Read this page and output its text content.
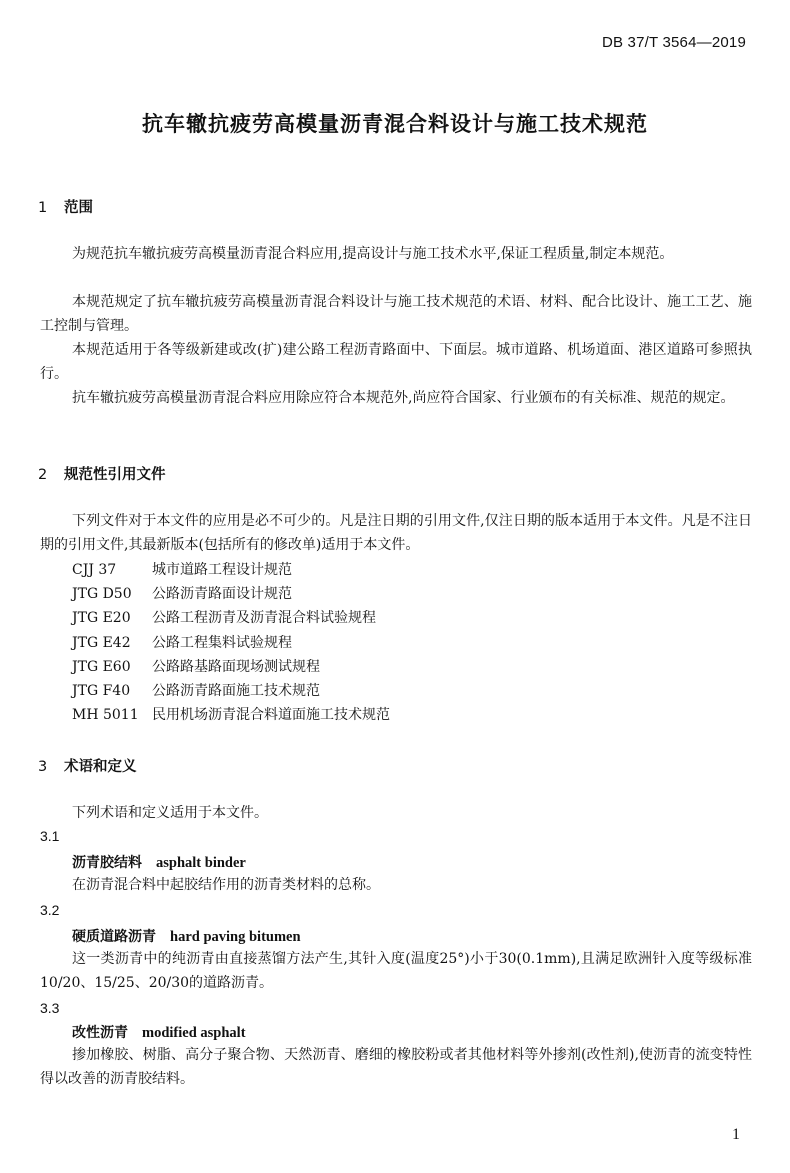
DB 37/T 3564—2019
抗车辙抗疲劳高模量沥青混合料设计与施工技术规范
1 范围
为规范抗车辙抗疲劳高模量沥青混合料应用,提高设计与施工技术水平,保证工程质量,制定本规范。
本规范规定了抗车辙抗疲劳高模量沥青混合料设计与施工技术规范的术语、材料、配合比设计、施工工艺、施工控制与管理。
本规范适用于各等级新建或改(扩)建公路工程沥青路面中、下面层。城市道路、机场道面、港区道路可参照执行。
抗车辙抗疲劳高模量沥青混合料应用除应符合本规范外,尚应符合国家、行业颁布的有关标准、规范的规定。
2 规范性引用文件
下列文件对于本文件的应用是必不可少的。凡是注日期的引用文件,仅注日期的版本适用于本文件。凡是不注日期的引用文件,其最新版本(包括所有的修改单)适用于本文件。
CJJ 37	城市道路工程设计规范
JTG D50 公路沥青路面设计规范
JTG E20 公路工程沥青及沥青混合料试验规程
JTG E42 公路工程集料试验规程
JTG E60 公路路基路面现场测试规程
JTG F40 公路沥青路面施工技术规范
MH 5011 民用机场沥青混合料道面施工技术规范
3 术语和定义
下列术语和定义适用于本文件。
3.1
沥青胶结料 asphalt binder
在沥青混合料中起胶结作用的沥青类材料的总称。
3.2
硬质道路沥青 hard paving bitumen
这一类沥青中的纯沥青由直接蒸馏方法产生,其针入度(温度25°)小于30(0.1mm),且满足欧洲针入度等级标准10/20、15/25、20/30的道路沥青。
3.3
改性沥青 modified asphalt
掺加橡胶、树脂、高分子聚合物、天然沥青、磨细的橡胶粉或者其他材料等外掺剂(改性剂),使沥青的流变特性得以改善的沥青胶结料。
1
